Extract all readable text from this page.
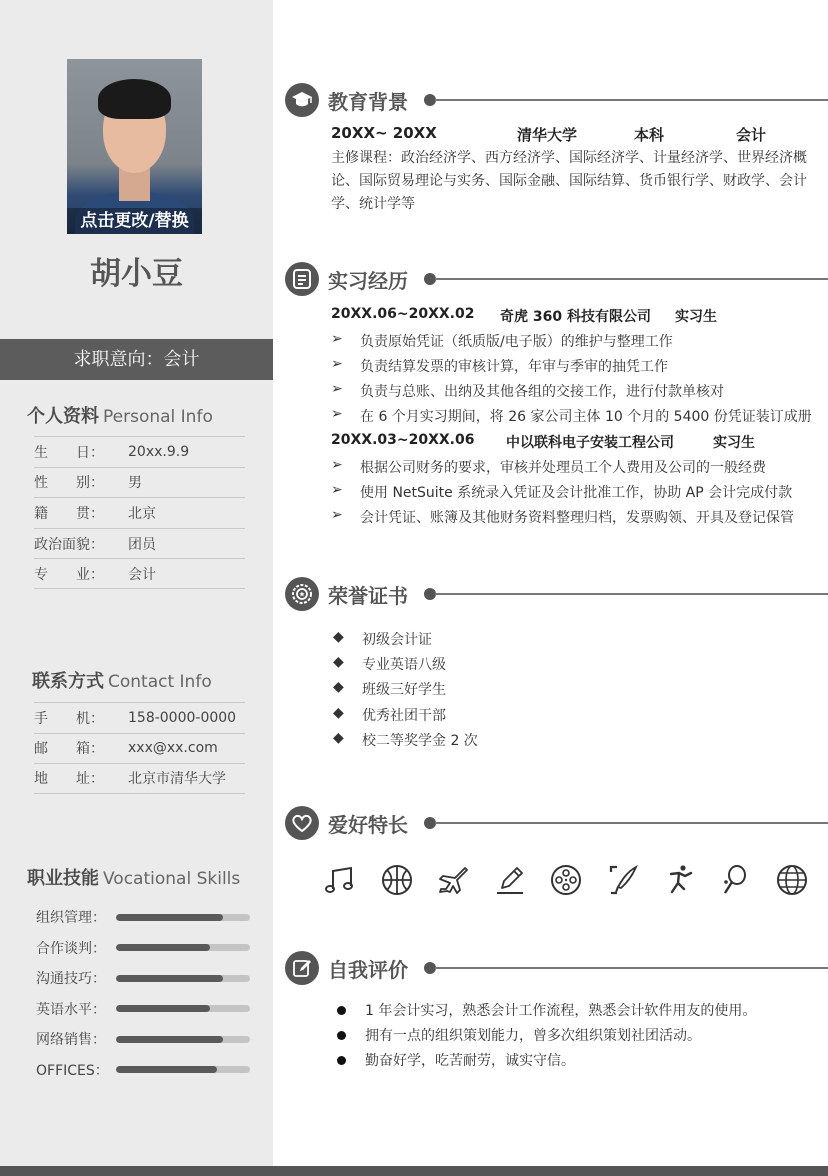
点击更改/替换
胡小豆
求职意向：会计
个人资料 Personal Info
生　　日：	20xx.9.9
性　　别：	男
籍　　贯：	北京
政治面貌：	团员
专　　业：	会计
联系方式 Contact Info
手　　机：	158-0000-0000
邮　　箱：	xxx@xx.com
地　　址：	北京市清华大学
职业技能 Vocational Skills
组织管理：
合作谈判：
沟通技巧：
英语水平：
网络销售：
OFFICES：
教育背景
20XX~ 20XX	清华大学	本科	会计
主修课程：政治经济学、西方经济学、国际经济学、计量经济学、世界经济概论、国际贸易理论与实务、国际金融、国际结算、货币银行学、财政学、会计学、统计学等
实习经历
20XX.06~20XX.02 奇虎 360 科技有限公司 实习生
➢	负责原始凭证（纸质版/电子版）的维护与整理工作
➢	负责结算发票的审核计算，年审与季审的抽凭工作
➢	负责与总账、出纳及其他各组的交接工作，进行付款单核对
➢	在 6 个月实习期间，将 26 家公司主体 10 个月的 5400 份凭证装订成册
20XX.03~20XX.06 中以联科电子安装工程公司	实习生
➢	根据公司财务的要求，审核并处理员工个人费用及公司的一般经费
➢	使用 NetSuite 系统录入凭证及会计批准工作，协助 AP 会计完成付款
➢	会计凭证、账簿及其他财务资料整理归档，发票购领、开具及登记保管
荣誉证书
◆ 初级会计证
◆ 专业英语八级
◆ 班级三好学生
◆ 优秀社团干部
◆ 校二等奖学金 2 次
爱好特长
自我评价
1 年会计实习，熟悉会计工作流程，熟悉会计软件用友的使用。
拥有一点的组织策划能力，曾多次组织策划社团活动。
勤奋好学，吃苦耐劳，诚实守信。
